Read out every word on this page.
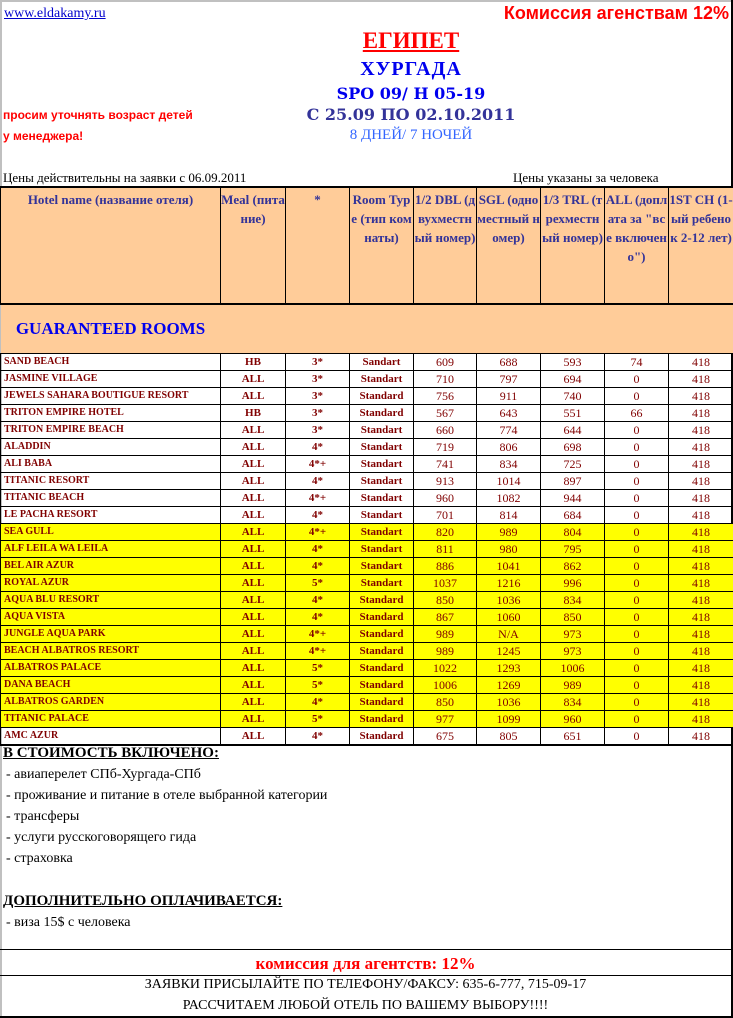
www.eldakamy.ru	Комиссия агенствам 12%
ЕГИПЕТ
ХУРГАДА
SPO 09/ H 05-19
С 25.09 ПО 02.10.2011
8 ДНЕЙ/ 7 НОЧЕЙ
просим уточнять возраст детей
у менеджера!
Цены действительны на заявки с 06.09.2011	Цены указаны за человека
Hotel name (название отеля)	Meal (питание)	*	Room Type (тип комнаты)	1/2 DBL (двухместный номер)	SGL (одноместный номер)	1/3 TRL (трехместный номер)	ALL (доплата за "все включено")	1ST CH (1-ый ребенок 2-12 лет)

GUARANTEED ROOMS								

SAND BEACH	HB	3*	Sandart	609	688	593	74	418
JASMINE VILLAGE	ALL	3*	Standart	710	797	694	0	418
JEWELS SAHARA BOUTIGUE RESORT	ALL	3*	Standard	756	911	740	0	418
TRITON EMPIRE HOTEL	HB	3*	Standard	567	643	551	66	418
TRITON EMPIRE BEACH	ALL	3*	Standart	660	774	644	0	418
ALADDIN	ALL	4*	Standart	719	806	698	0	418
ALI BABA	ALL	4*+	Standart	741	834	725	0	418
TITANIC RESORT	ALL	4*	Standart	913	1014	897	0	418
TITANIC BEACH	ALL	4*+	Standart	960	1082	944	0	418
LE PACHA RESORT	ALL	4*	Standart	701	814	684	0	418
SEA GULL	ALL	4*+	Standart	820	989	804	0	418
ALF LEILA WA LEILA	ALL	4*	Standart	811	980	795	0	418
BEL AIR AZUR	ALL	4*	Standart	886	1041	862	0	418
ROYAL AZUR	ALL	5*	Standart	1037	1216	996	0	418
AQUA BLU RESORT	ALL	4*	Standard	850	1036	834	0	418
AQUA VISTA	ALL	4*	Standard	867	1060	850	0	418
JUNGLE AQUA PARK	ALL	4*+	Standard	989	N/A	973	0	418
BEACH ALBATROS RESORT	ALL	4*+	Standard	989	1245	973	0	418
ALBATROS PALACE	ALL	5*	Standard	1022	1293	1006	0	418
DANA BEACH	ALL	5*	Standard	1006	1269	989	0	418
ALBATROS GARDEN	ALL	4*	Standard	850	1036	834	0	418
TITANIC PALACE	ALL	5*	Standard	977	1099	960	0	418
AMC AZUR	ALL	4*	Standard	675	805	651	0	418
В СТОИМОСТЬ ВКЛЮЧЕНО:
- авиаперелет СПб-Хургада-СПб
- проживание и питание в отеле выбранной категории
- трансферы
- услуги русскоговорящего гида
- страховка
ДОПОЛНИТЕЛЬНО ОПЛАЧИВАЕТСЯ:
- виза 15$ с человека
комиссия для агентств: 12%
ЗАЯВКИ ПРИСЫЛАЙТЕ ПО ТЕЛЕФОНУ/ФАКСУ: 635-6-777, 715-09-17
РАССЧИТАЕМ ЛЮБОЙ ОТЕЛЬ ПО ВАШЕМУ ВЫБОРУ!!!!
